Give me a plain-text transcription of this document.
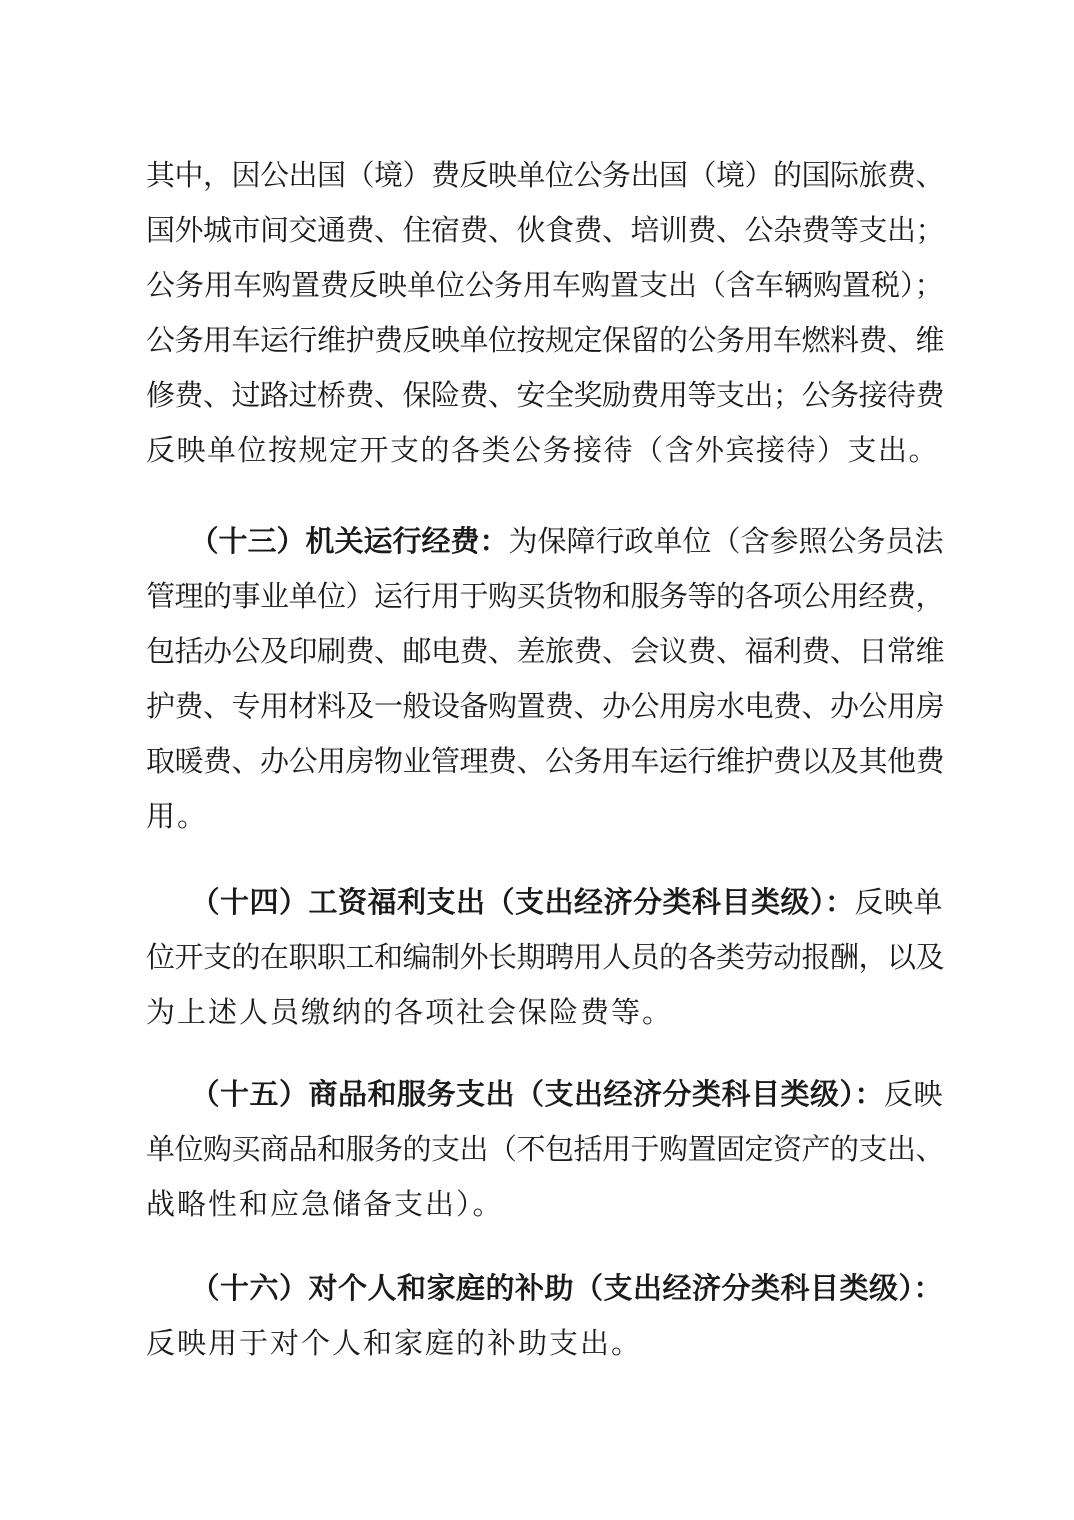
其中，因公出国（境）费反映单位公务出国（境）的国际旅费、
国外城市间交通费、住宿费、伙食费、培训费、公杂费等支出；
公务用车购置费反映单位公务用车购置支出（含车辆购置税）；
公务用车运行维护费反映单位按规定保留的公务用车燃料费、维
修费、过路过桥费、保险费、安全奖励费用等支出；公务接待费
反映单位按规定开支的各类公务接待（含外宾接待）支出。
　　（十三）机关运行经费：为保障行政单位（含参照公务员法
管理的事业单位）运行用于购买货物和服务等的各项公用经费，
包括办公及印刷费、邮电费、差旅费、会议费、福利费、日常维
护费、专用材料及一般设备购置费、办公用房水电费、办公用房
取暖费、办公用房物业管理费、公务用车运行维护费以及其他费
用。
　　（十四）工资福利支出（支出经济分类科目类级）：反映单
位开支的在职职工和编制外长期聘用人员的各类劳动报酬，以及
为上述人员缴纳的各项社会保险费等。
　　（十五）商品和服务支出（支出经济分类科目类级）：反映
单位购买商品和服务的支出（不包括用于购置固定资产的支出、
战略性和应急储备支出）。
　　（十六）对个人和家庭的补助（支出经济分类科目类级）：
反映用于对个人和家庭的补助支出。
